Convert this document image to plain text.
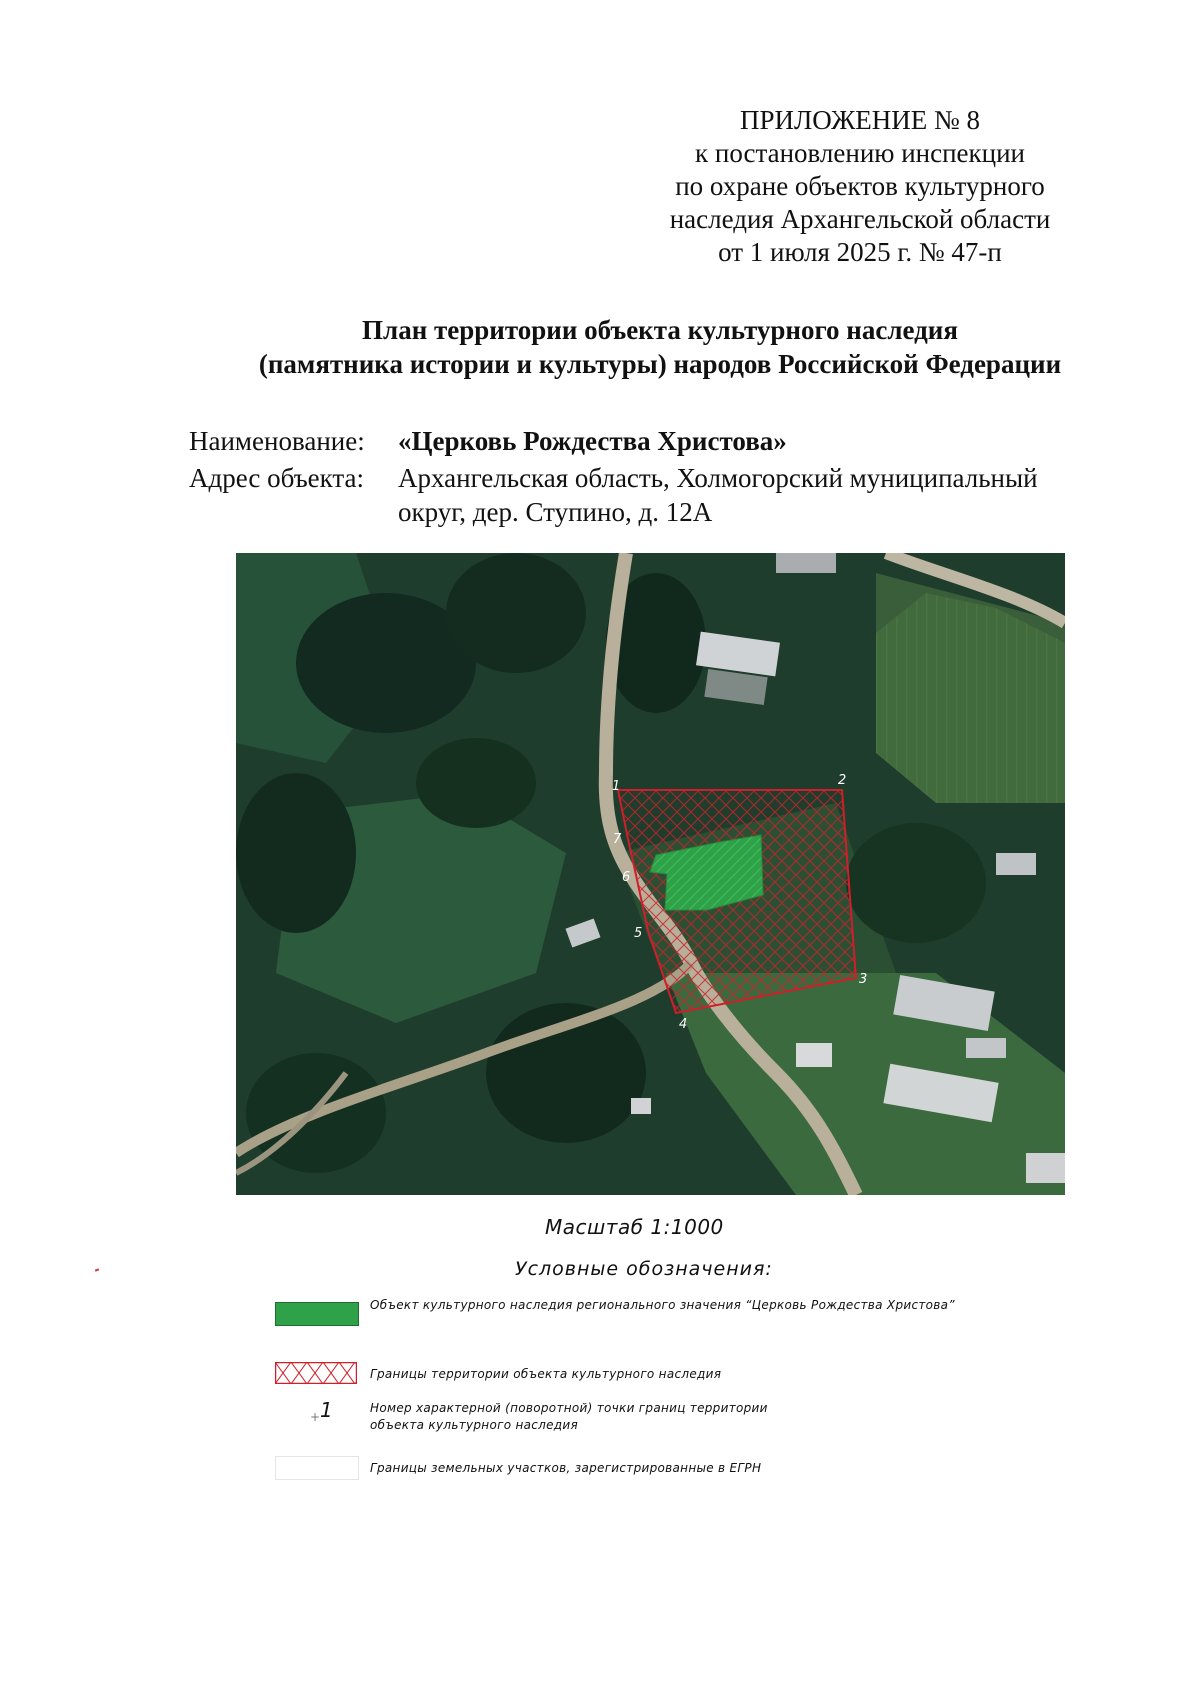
ПРИЛОЖЕНИЕ № 8
к постановлению инспекции
по охране объектов культурного
наследия Архангельской области
от 1 июля 2025 г. № 47-п
План территории объекта культурного наследия
(памятника истории и культуры) народов Российской Федерации
Наименование: «Церковь Рождества Христова»
Адрес объекта: Архангельская область, Холмогорский муниципальный
округ, дер. Ступино, д. 12А
1	2
3
4
5
6
7
Масштаб 1:1000
Условные обозначения:
Объект культурного наследия регионального значения “Церковь Рождества Христова”
Границы территории объекта культурного наследия
+ 1	Номер характерной (поворотной) точки границ территории
объекта культурного наследия
Границы земельных участков, зарегистрированные в ЕГРН
